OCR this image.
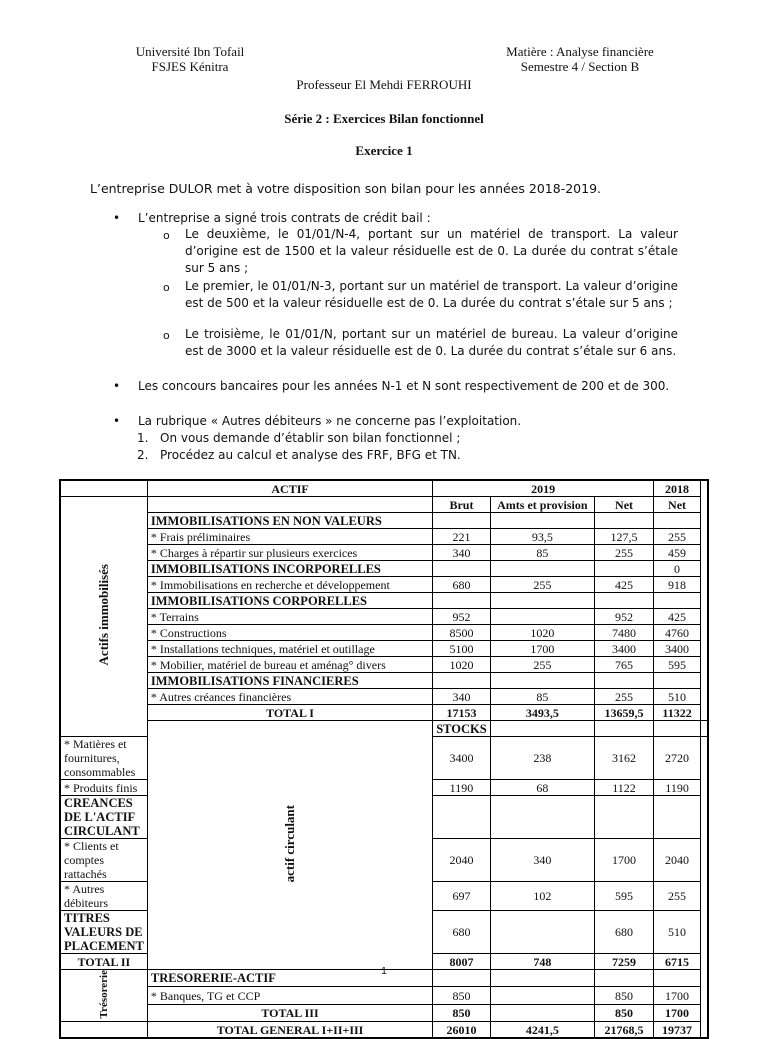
Université Ibn Tofail
FSJES Kénitra
Matière : Analyse financière
Semestre 4 / Section B
Professeur El Mehdi FERROUHI
Série 2 : Exercices Bilan fonctionnel
Exercice 1
L’entreprise DULOR met à votre disposition son bilan pour les années 2018-2019.
• L’entreprise a signé trois contrats de crédit bail :
o Le deuxième, le 01/01/N-4, portant sur un matériel de transport. La valeur d’origine est de 1500 et la valeur résiduelle est de 0. La durée du contrat s’étale sur 5 ans ;
o Le premier, le 01/01/N-3, portant sur un matériel de transport. La valeur d’origine est de 500 et la valeur résiduelle est de 0. La durée du contrat s’étale sur 5 ans ;
o Le troisième, le 01/01/N, portant sur un matériel de bureau. La valeur d’origine est de 3000 et la valeur résiduelle est de 0. La durée du contrat s’étale sur 6 ans.
• Les concours bancaires pour les années N-1 et N sont respectivement de 200 et de 300.
• La rubrique « Autres débiteurs » ne concerne pas l’exploitation.
1. On vous demande d’établir son bilan fonctionnel ;
2. Procédez au calcul et analyse des FRF, BFG et TN.
	ACTIF	2019			2018	
Actifs immobilisés		Brut	Amts et provision	Net	Net	
	IMMOBILISATIONS EN NON VALEURS					
	* Frais préliminaires	221	93,5	127,5	255	
	* Charges à répartir sur plusieurs exercices	340	85	255	459	
	IMMOBILISATIONS INCORPORELLES				0	
	* Immobilisations en recherche et développement	680	255	425	918	
	IMMOBILISATIONS CORPORELLES					
	* Terrains	952		952	425	
	* Constructions	8500	1020	7480	4760	
	* Installations techniques, matériel et outillage	5100	1700	3400	3400	
	* Mobilier, matériel de bureau et aménag° divers	1020	255	765	595	
	IMMOBILISATIONS FINANCIERES					
	* Autres créances financières	340	85	255	510	
	TOTAL I	17153	3493,5	13659,5	11322	
	actif circulant	STOCKS				
* Matières et fournitures, consommables		3400	238	3162	2720	
* Produits finis		1190	68	1122	1190	
CREANCES DE L'ACTIF CIRCULANT						
* Clients et comptes rattachés		2040	340	1700	2040	
* Autres débiteurs		697	102	595	255	
TITRES VALEURS DE PLACEMENT		680		680	510	
TOTAL II		8007	748	7259	6715	
Trésorerie	TRESORERIE-ACTIF					
	* Banques, TG et CCP	850		850	1700	
	TOTAL III	850		850	1700	
	TOTAL GENERAL I+II+III	26010	4241,5	21768,5	19737	
1
